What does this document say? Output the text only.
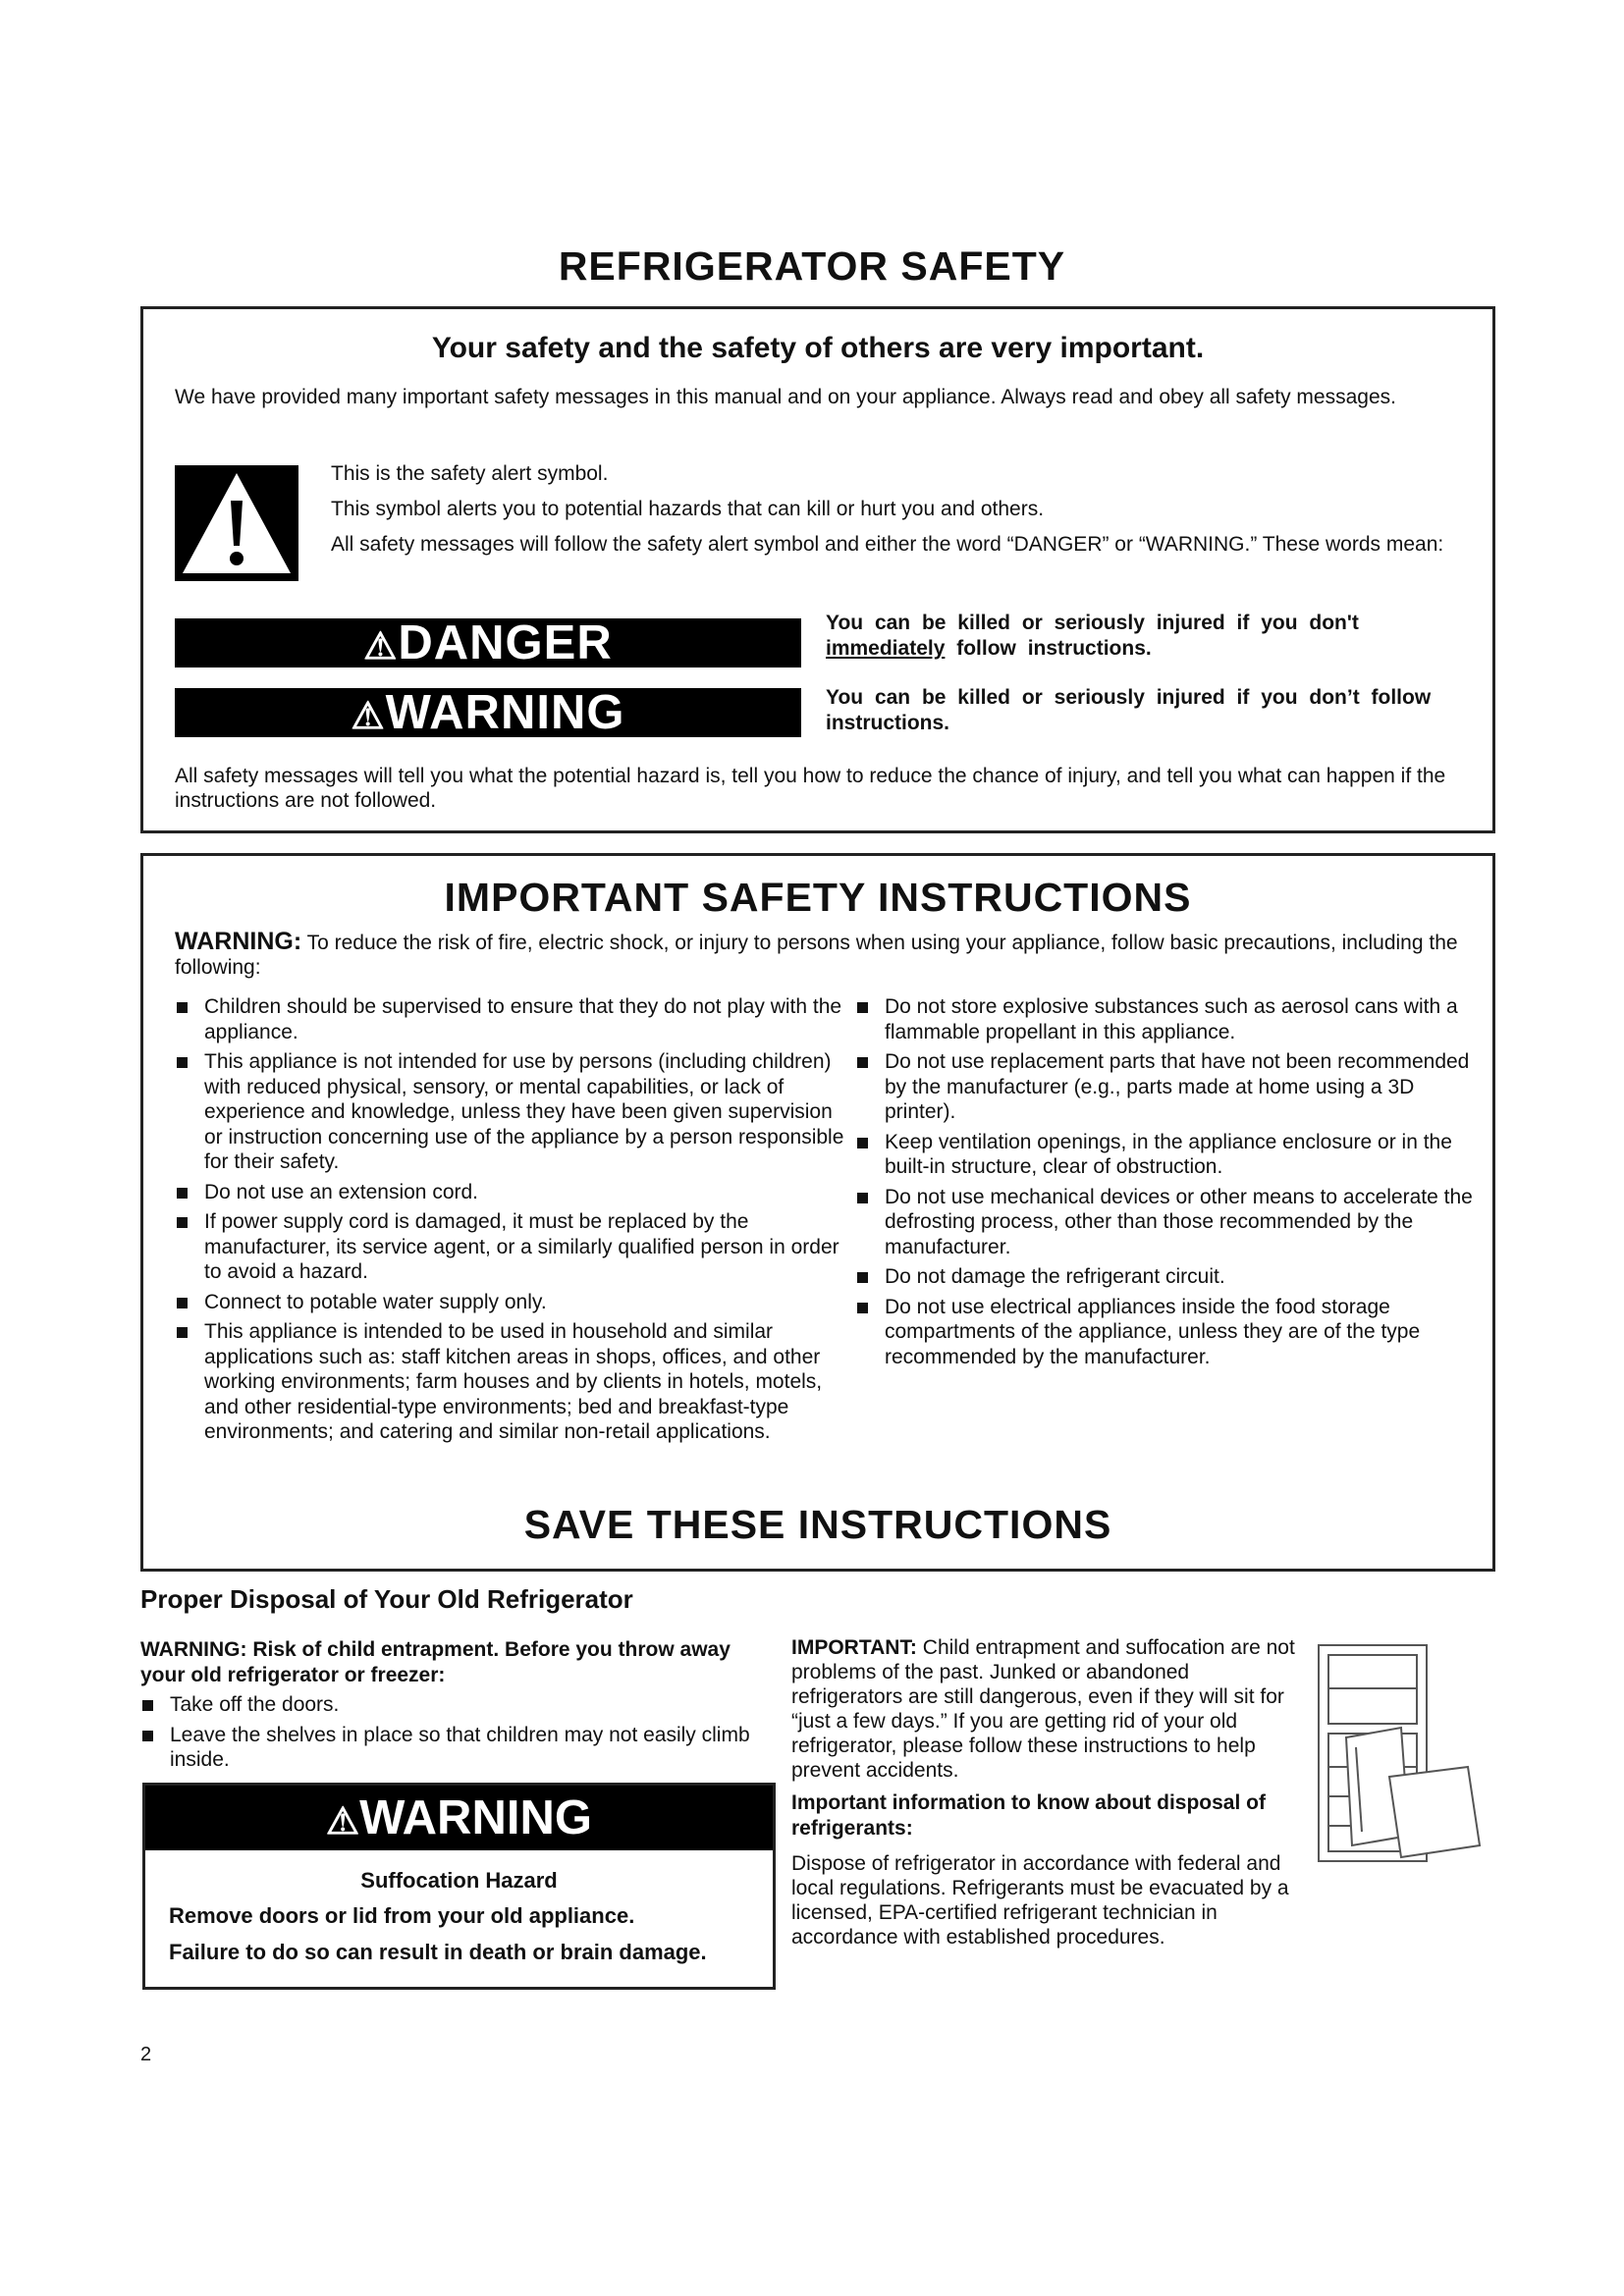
REFRIGERATOR SAFETY
Your safety and the safety of others are very important.
We have provided many important safety messages in this manual and on your appliance. Always read and obey all safety messages.
This is the safety alert symbol.
This symbol alerts you to potential hazards that can kill or hurt you and others.
All safety messages will follow the safety alert symbol and either the word “DANGER” or “WARNING.” These words mean:
⚠DANGER	You can be killed or seriously injured if you don't
immediately follow instructions.
⚠WARNING	You can be killed or seriously injured if you don’t follow instructions.
All safety messages will tell you what the potential hazard is, tell you how to reduce the chance of injury, and tell you what can happen if the instructions are not followed.
IMPORTANT SAFETY INSTRUCTIONS
WARNING: To reduce the risk of fire, electric shock, or injury to persons when using your appliance, follow basic precautions, including the following:
Children should be supervised to ensure that they do not play with the appliance.
This appliance is not intended for use by persons (including children) with reduced physical, sensory, or mental capabilities, or lack of experience and knowledge, unless they have been given supervision or instruction concerning use of the appliance by a person responsible for their safety.
Do not use an extension cord.
If power supply cord is damaged, it must be replaced by the manufacturer, its service agent, or a similarly qualified person in order to avoid a hazard.
Connect to potable water supply only.
This appliance is intended to be used in household and similar applications such as: staff kitchen areas in shops, offices, and other working environments; farm houses and by clients in hotels, motels, and other residential-type environments; bed and breakfast-type environments; and catering and similar non-retail applications.
Do not store explosive substances such as aerosol cans with a flammable propellant in this appliance.
Do not use replacement parts that have not been recommended by the manufacturer (e.g., parts made at home using a 3D printer).
Keep ventilation openings, in the appliance enclosure or in the built-in structure, clear of obstruction.
Do not use mechanical devices or other means to accelerate the defrosting process, other than those recommended by the manufacturer.
Do not damage the refrigerant circuit.
Do not use electrical appliances inside the food storage compartments of the appliance, unless they are of the type recommended by the manufacturer.
SAVE THESE INSTRUCTIONS
Proper Disposal of Your Old Refrigerator
WARNING: Risk of child entrapment. Before you throw away your old refrigerator or freezer:
Take off the doors.
Leave the shelves in place so that children may not easily climb inside.
⚠WARNING
Suffocation Hazard
Remove doors or lid from your old appliance.
Failure to do so can result in death or brain damage.
IMPORTANT: Child entrapment and suffocation are not problems of the past. Junked or abandoned refrigerators are still dangerous, even if they will sit for “just a few days.” If you are getting rid of your old refrigerator, please follow these instructions to help prevent accidents.
Important information to know about disposal of refrigerants:
Dispose of refrigerator in accordance with federal and local regulations. Refrigerants must be evacuated by a licensed, EPA-certified refrigerant technician in accordance with established procedures.
2
